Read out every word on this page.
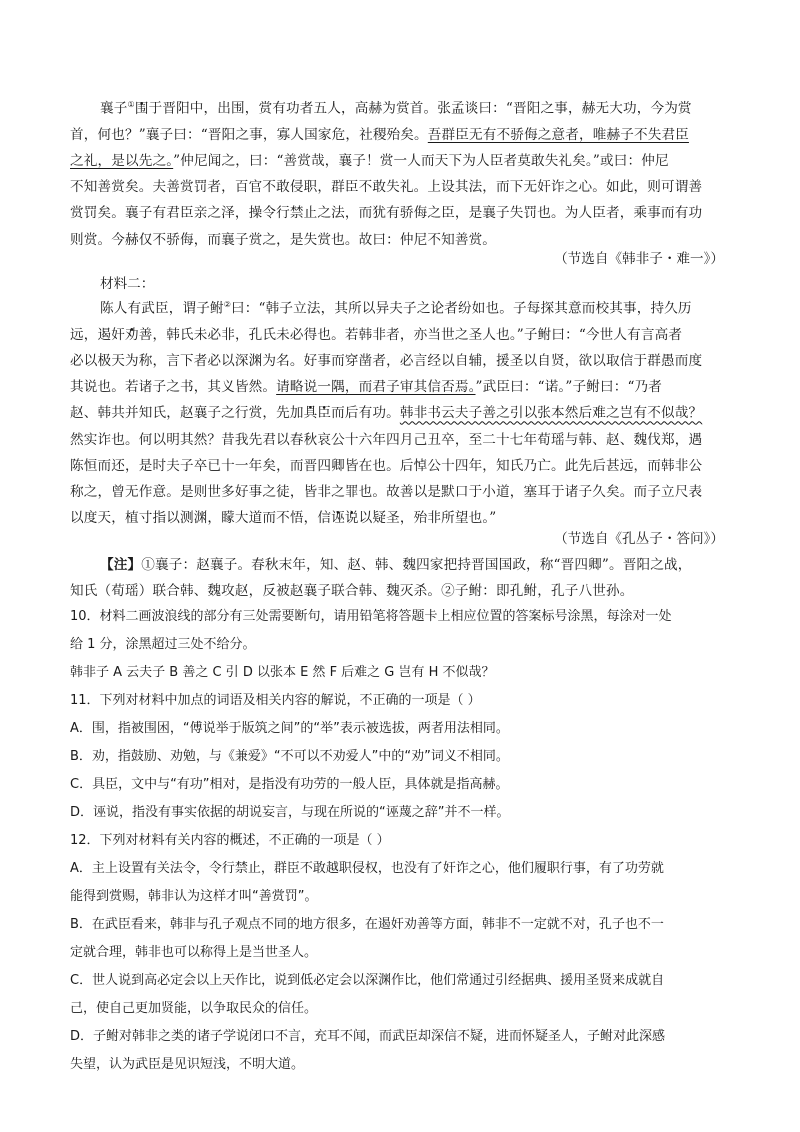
襄子①围 •于晋阳中，出围，赏有功者五人，高赫为赏首。张孟谈曰：“晋阳之事，赫无大功，今为赏
首，何也？”襄子曰：“晋阳之事，寡人国家危，社稷殆矣。吾群臣无有不骄侮之意者，唯赫子不失君臣
之礼，是以先之。”仲尼闻之，曰：“善赏哉，襄子！赏一人而天下为人臣者莫敢失礼矣。”或曰：仲尼
不知善赏矣。夫善赏罚者，百官不敢侵职，群臣不敢失礼。上设其法，而下无奸诈之心。如此，则可谓善
赏罚矣。襄子有君臣亲之泽，操令行禁止之法，而犹有骄侮之臣，是襄子失罚也。为人臣者，乘事而有功
则赏。今赫仅不骄侮，而襄子赏之，是失赏也。故曰：仲尼不知善赏。
（节选自《韩非子・难一》）
材料二：
陈人有武臣，谓子鲋②曰：“韩子立法，其所以异夫子之论者纷如也。子每探其意而校其事，持久历
远，遏奸劝 •善，韩氏未必非，孔氏未必得也。若韩非者，亦当世之圣人也。”子鲋曰：“今世人有言高者
必以极天为称，言下者必以深渊为名。好事而穿凿者，必言经以自辅，援圣以自贤，欲以取信于群愚而度
其说也。若诸子之书，其义皆然。请略说一隅，而君子审其信否焉。”武臣曰：“诺。”子鲋曰：“乃者
赵、韩共并知氏，赵襄子之行赏，先加具 •臣 •而后有功。韩非书云夫子善之引以张本然后难之岂有不似哉？
然实诈也。何以明其然？昔我先君以春秋哀公十六年四月己丑卒，至二十七年荀瑶与韩、赵、魏伐郑，遇
陈恒而还，是时夫子卒已十一年矣，而晋四卿皆在也。后悼公十四年，知氏乃亡。此先后甚远，而韩非公
称之，曾无作意。是则世多好事之徒，皆非之罪也。故善以是默口于小道，塞耳于诸子久矣。而子立尺表
以度天，植寸指以测渊，矇大道而不悟，信诬 •说 •以疑圣，殆非所望也。”
（节选自《孔丛子・答问》）
【注】①襄子：赵襄子。春秋末年，知、赵、韩、魏四家把持晋国国政，称“晋四卿”。晋阳之战，
知氏（荀瑶）联合韩、魏攻赵，反被赵襄子联合韩、魏灭杀。②子鲋：即孔鲋，孔子八世孙。
10．材料二画波浪线的部分有三处需要断句，请用铅笔将答题卡上相应位置的答案标号涂黑，每涂对一处
给 1 分，涂黑超过三处不给分。
韩非子 A 云夫子 B 善之 C 引 D 以张本 E 然 F 后难之 G 岂有 H 不似哉？
11．下列对材料中加点的词语及相关内容的解说，不正确的一项是（ ）
A．围，指被围困，“傅说举于版筑之间”的“举”表示被选拔，两者用法相同。
B．劝，指鼓励、劝勉，与《兼爱》“不可以不劝爱人”中的“劝”词义不相同。
C．具臣，文中与“有功”相对，是指没有功劳的一般人臣，具体就是指高赫。
D．诬说，指没有事实依据的胡说妄言，与现在所说的“诬蔑之辞”并不一样。
12．下列对材料有关内容的概述，不正确的一项是（ ）
A．主上设置有关法令，令行禁止，群臣不敢越职侵权，也没有了奸诈之心，他们履职行事，有了功劳就
能得到赏赐，韩非认为这样才叫“善赏罚”。
B．在武臣看来，韩非与孔子观点不同的地方很多，在遏奸劝善等方面，韩非不一定就不对，孔子也不一
定就合理，韩非也可以称得上是当世圣人。
C．世人说到高必定会以上天作比，说到低必定会以深渊作比，他们常通过引经据典、援用圣贤来成就自
己，使自己更加贤能，以争取民众的信任。
D．子鲋对韩非之类的诸子学说闭口不言，充耳不闻，而武臣却深信不疑，进而怀疑圣人，子鲋对此深感
失望，认为武臣是见识短浅，不明大道。
